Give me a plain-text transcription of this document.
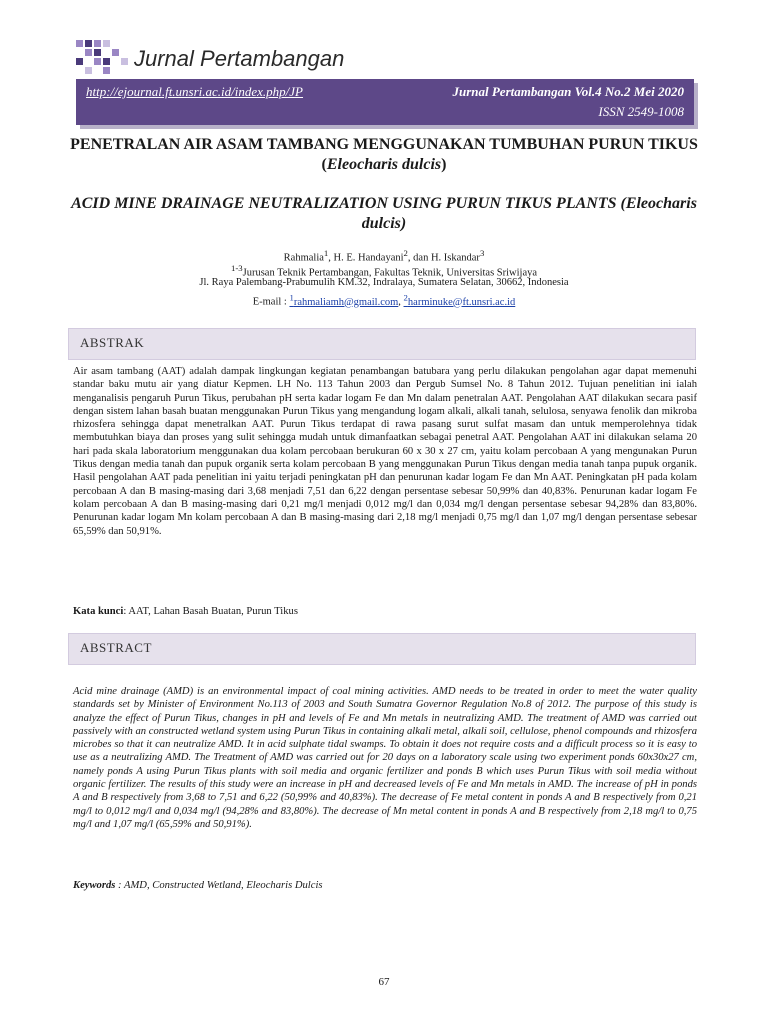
Jurnal Pertambangan
http://ejournal.ft.unsri.ac.id/index.php/JP	Jurnal Pertambangan Vol.4 No.2 Mei 2020
ISSN 2549-1008
PENETRALAN AIR ASAM TAMBANG MENGGUNAKAN TUMBUHAN PURUN TIKUS (Eleocharis dulcis)
ACID MINE DRAINAGE NEUTRALIZATION USING PURUN TIKUS PLANTS (Eleocharis dulcis)
Rahmalia$^1$, H. E. Handayani$^2$, dan H. Iskandar$^3$
$^{1-3}$Jurusan Teknik Pertambangan, Fakultas Teknik, Universitas Sriwijaya
Jl. Raya Palembang-Prabumulih KM.32, Indralaya, Sumatera Selatan, 30662, Indonesia
E-mail : $^1$rahmaliamh@gmail.com, $^2$harminuke@ft.unsri.ac.id
ABSTRAK
Air asam tambang (AAT) adalah dampak lingkungan kegiatan penambangan batubara yang perlu dilakukan pengolahan agar dapat memenuhi standar baku mutu air yang diatur Kepmen. LH No. 113 Tahun 2003 dan Pergub Sumsel No. 8 Tahun 2012. Tujuan penelitian ini ialah menganalisis pengaruh Purun Tikus, perubahan pH serta kadar logam Fe dan Mn dalam penetralan AAT. Pengolahan AAT dilakukan secara pasif dengan sistem lahan basah buatan menggunakan Purun Tikus yang mengandung logam alkali, alkali tanah, selulosa, senyawa fenolik dan mikroba rhizosfera sehingga dapat menetralkan AAT. Purun Tikus terdapat di rawa pasang surut sulfat masam dan untuk memperolehnya tidak membutuhkan biaya dan proses yang sulit sehingga mudah untuk dimanfaatkan sebagai penetral AAT. Pengolahan AAT ini dilakukan selama 20 hari pada skala laboratorium menggunakan dua kolam percobaan berukuran 60 x 30 x 27 cm, yaitu kolam percobaan A yang mengunakan Purun Tikus dengan media tanah dan pupuk organik serta kolam percobaan B yang menggunakan Purun Tikus dengan media tanah tanpa pupuk organik. Hasil pengolahan AAT pada penelitian ini yaitu terjadi peningkatan pH dan penurunan kadar logam Fe dan Mn AAT. Peningkatan pH pada kolam percobaan A dan B masing-masing dari 3,68 menjadi 7,51 dan 6,22 dengan persentase sebesar 50,99% dan 40,83%. Penurunan kadar logam Fe kolam percobaan A dan B masing-masing dari 0,21 mg/l menjadi 0,012 mg/l dan 0,034 mg/l dengan persentase sebesar 94,28% dan 83,80%. Penurunan kadar logam Mn kolam percobaan A dan B masing-masing dari 2,18 mg/l menjadi 0,75 mg/l dan 1,07 mg/l dengan persentase sebesar 65,59% dan 50,91%.
Kata kunci: AAT, Lahan Basah Buatan, Purun Tikus
ABSTRACT
Acid mine drainage (AMD) is an environmental impact of coal mining activities. AMD needs to be treated in order to meet the water quality standards set by Minister of Environment No.113 of 2003 and South Sumatra Governor Regulation No.8 of 2012. The purpose of this study is analyze the effect of Purun Tikus, changes in pH and levels of Fe and Mn metals in neutralizing AMD. The treatment of AMD was carried out passively with an constructed wetland system using Purun Tikus in containing alkali metal, alkali soil, cellulose, phenol compounds and rhizosfera microbes so that it can neutralize AMD. It in acid sulphate tidal swamps. To obtain it does not require costs and a difficult process so it is easy to use as a neutralizing AMD. The Treatment of AMD was carried out for 20 days on a laboratory scale using two experiment ponds 60x30x27 cm, namely ponds A using Purun Tikus plants with soil media and organic fertilizer and ponds B which uses Purun Tikus with soil media without organic fertilizer. The results of this study were an increase in pH and decreased levels of Fe and Mn metals in AMD. The increase of pH in ponds A and B respectively from 3,68 to 7,51 and 6,22 (50,99% and 40,83%). The decrease of Fe metal content in ponds A and B respectively from 0,21 mg/l to 0,012 mg/l and 0,034 mg/l (94,28% and 83,80%). The decrease of Mn metal content in ponds A and B respectively from 2,18 mg/l to 0,75 mg/l and 1,07 mg/l (65,59% and 50,91%).
Keywords : AMD, Constructed Wetland, Eleocharis Dulcis
67
